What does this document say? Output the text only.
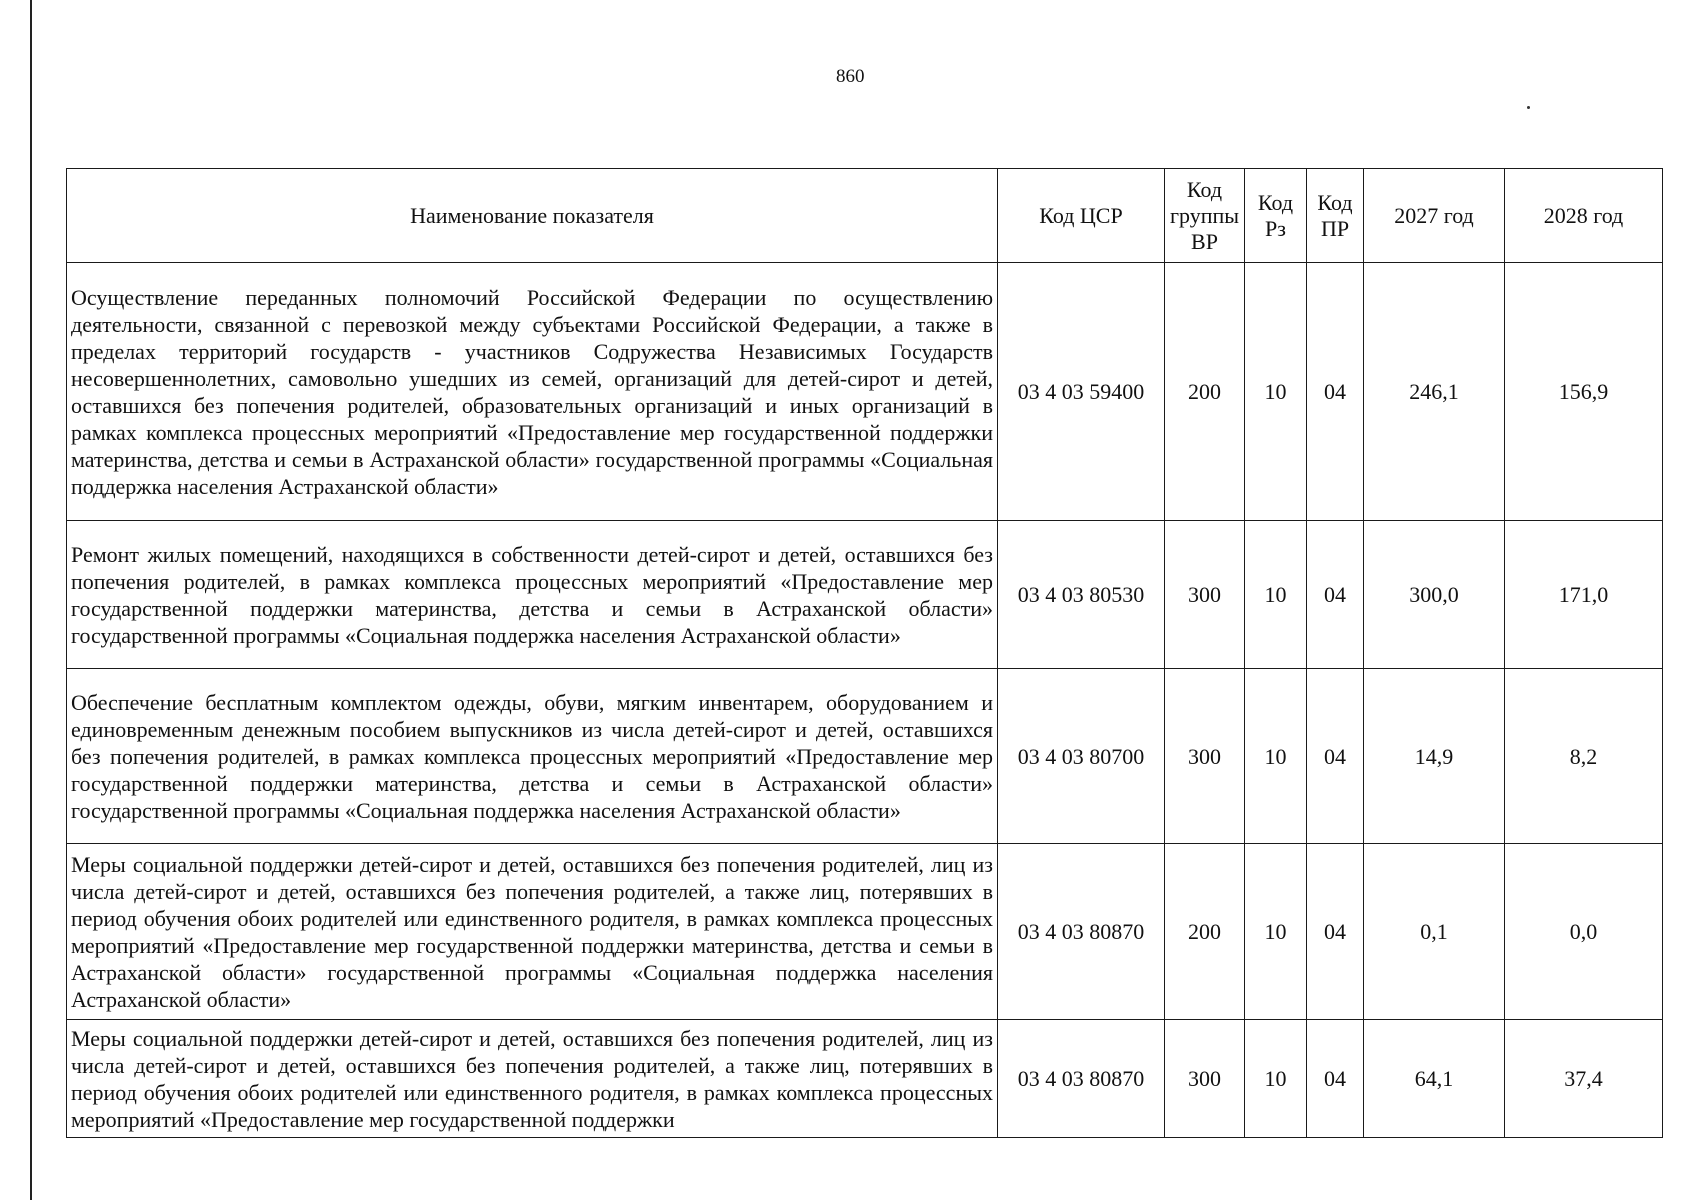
860
Наименование показателя	Код ЦСР	Код группы ВР	Код Рз	Код ПР	2027 год	2028 год
Осуществление переданных полномочий Российской Федерации по осуществлению деятельности, связанной с перевозкой между субъектами Российской Федерации, а также в пределах территорий государств - участников Содружества Независимых Государств несовершеннолетних, самовольно ушедших из семей, организаций для детей-сирот и детей, оставшихся без попечения родителей, образовательных организаций и иных организаций в рамках комплекса процессных мероприятий «Предоставление мер государственной поддержки материнства, детства и семьи в Астраханской области» государственной программы «Социальная поддержка населения Астраханской области»	03 4 03 59400	200	10	04	246,1	156,9
Ремонт жилых помещений, находящихся в собственности детей-сирот и детей, оставшихся без попечения родителей, в рамках комплекса процессных мероприятий «Предоставление мер государственной поддержки материнства, детства и семьи в Астраханской области» государственной программы «Социальная поддержка населения Астраханской области»	03 4 03 80530	300	10	04	300,0	171,0
Обеспечение бесплатным комплектом одежды, обуви, мягким инвентарем, оборудованием и единовременным денежным пособием выпускников из числа детей-сирот и детей, оставшихся без попечения родителей, в рамках комплекса процессных мероприятий «Предоставление мер государственной поддержки материнства, детства и семьи в Астраханской области» государственной программы «Социальная поддержка населения Астраханской области»	03 4 03 80700	300	10	04	14,9	8,2
Меры социальной поддержки детей-сирот и детей, оставшихся без попечения родителей, лиц из числа детей-сирот и детей, оставшихся без попечения родителей, а также лиц, потерявших в период обучения обоих родителей или единственного родителя, в рамках комплекса процессных мероприятий «Предоставление мер государственной поддержки материнства, детства и семьи в Астраханской области» государственной программы «Социальная поддержка населения Астраханской области»	03 4 03 80870	200	10	04	0,1	0,0
Меры социальной поддержки детей-сирот и детей, оставшихся без попечения родителей, лиц из числа детей-сирот и детей, оставшихся без попечения родителей, а также лиц, потерявших в период обучения обоих родителей или единственного родителя, в рамках комплекса процессных мероприятий «Предоставление мер государственной поддержки	03 4 03 80870	300	10	04	64,1	37,4
